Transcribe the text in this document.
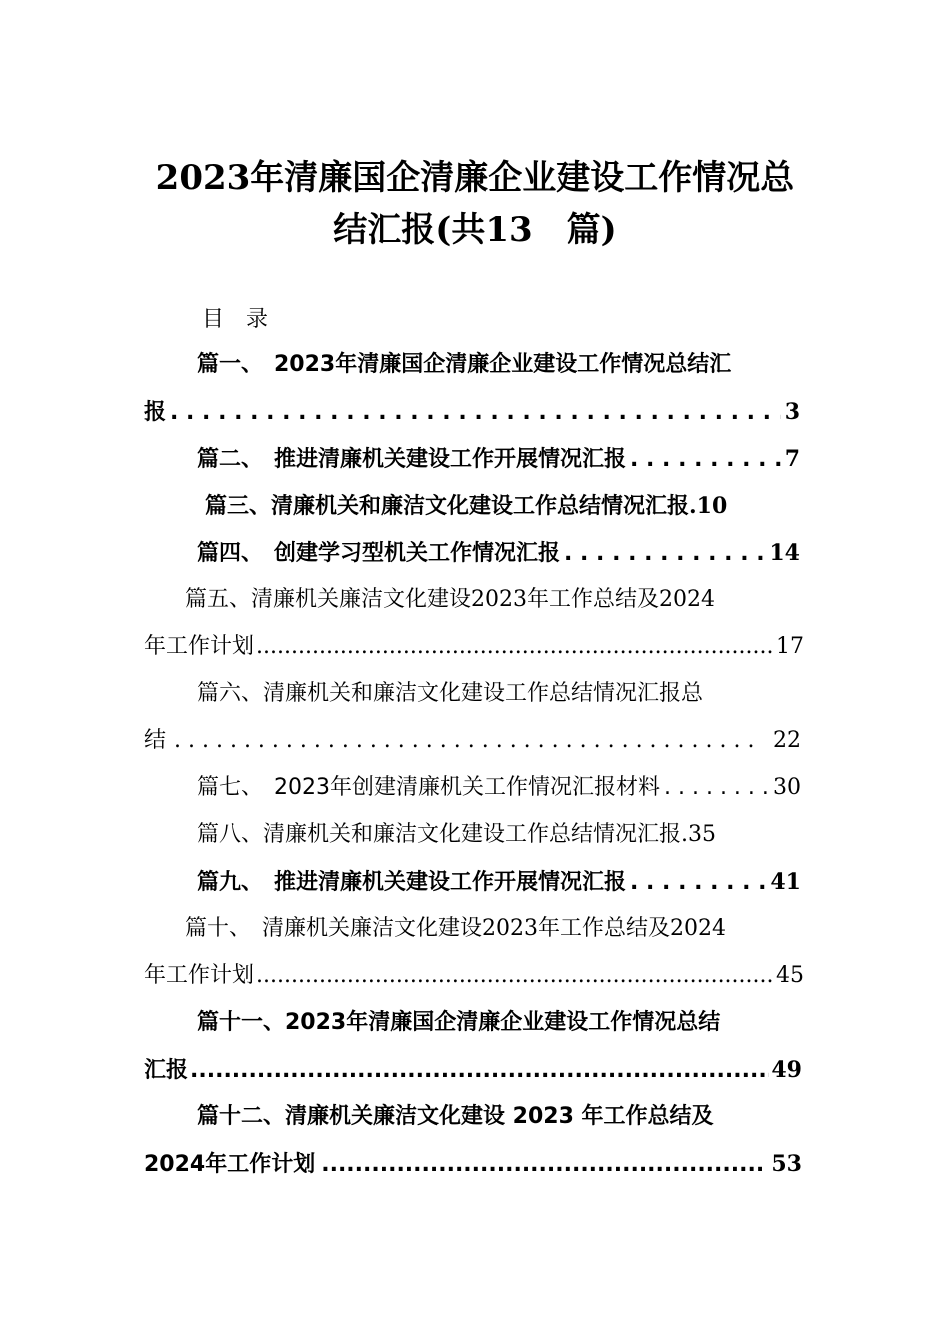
2023年清廉国企清廉企业建设工作情况总
结汇报(共13　篇)
目录
篇一、　2023年清廉国企清廉企业建设工作情况总结汇
报 . . .	3
篇二、　推进清廉机关建设工作开展情况汇报 . . .	7
篇三、清廉机关和廉洁文化建设工作总结情况汇报 .10
篇四、　创建学习型机关工作情况汇报 . . .	14
篇五、清廉机关廉洁文化建设2023年工作总结及2024
年工作计划 .....	17
篇六、清廉机关和廉洁文化建设工作总结情况汇报总
结 . . .	22
篇七、　2023年创建清廉机关工作情况汇报材料 . . .	30
篇八、清廉机关和廉洁文化建设工作总结情况汇报 .35
篇九、　推进清廉机关建设工作开展情况汇报 . . .	41
篇十、　清廉机关廉洁文化建设2023年工作总结及2024
年工作计划 .....	45
篇十一、2023年清廉国企清廉企业建设工作情况总结
汇报 .....	49
篇十二、清廉机关廉洁文化建设 2023 年工作总结及
2024年工作计划 .....	53
